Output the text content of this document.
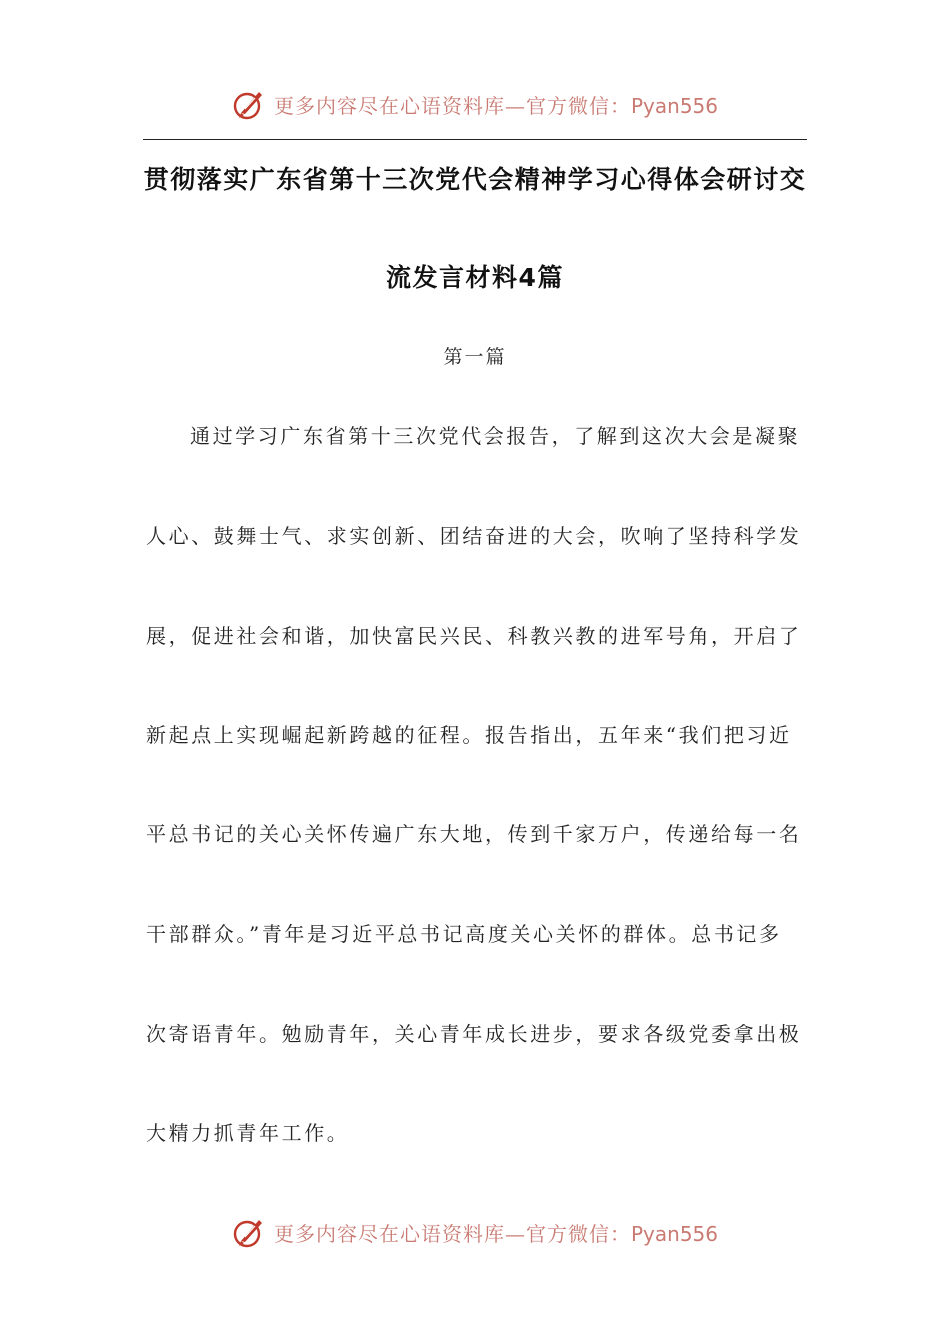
更多内容尽在心语资料库—官方微信：Pyan556
贯彻落实广东省第十三次党代会精神学习心得体会研讨交
流发言材料4篇
第一篇
通过学习广东省第十三次党代会报告，了解到这次大会是凝聚
人心、鼓舞士气、求实创新、团结奋进的大会，吹响了坚持科学发
展，促进社会和谐，加快富民兴民、科教兴教的进军号角，开启了
新起点上实现崛起新跨越的征程。报告指出，五年来“我们把习近
平总书记的关心关怀传遍广东大地，传到千家万户，传递给每一名
干部群众。”青年是习近平总书记高度关心关怀的群体。总书记多
次寄语青年。勉励青年，关心青年成长进步，要求各级党委拿出极
大精力抓青年工作。
更多内容尽在心语资料库—官方微信：Pyan556
